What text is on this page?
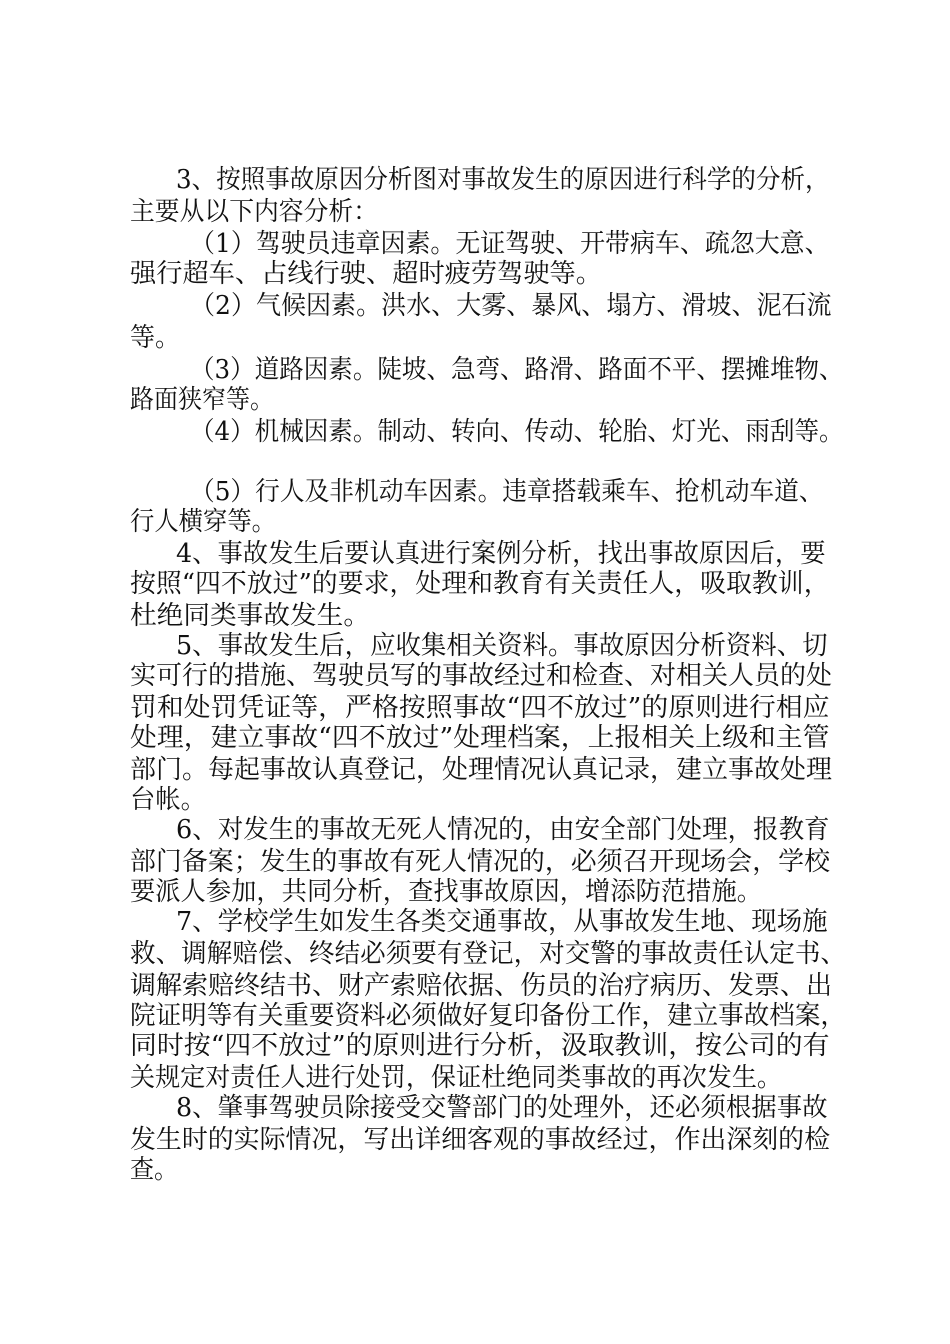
3、按照事故原因分析图对事故发生的原因进行科学的分析，
主要从以下内容分析：
（1）驾驶员违章因素。无证驾驶、开带病车、疏忽大意、
强行超车、占线行驶、超时疲劳驾驶等。
（2）气候因素。洪水、大雾、暴风、塌方、滑坡、泥石流
等。
（3）道路因素。陡坡、急弯、路滑、路面不平、摆摊堆物、
路面狭窄等。
（4）机械因素。制动、转向、传动、轮胎、灯光、雨刮等。
（5）行人及非机动车因素。违章搭载乘车、抢机动车道、
行人横穿等。
4、事故发生后要认真进行案例分析，找出事故原因后，要
按照“四不放过”的要求，处理和教育有关责任人，吸取教训，
杜绝同类事故发生。
5、事故发生后，应收集相关资料。事故原因分析资料、切
实可行的措施、驾驶员写的事故经过和检查、对相关人员的处
罚和处罚凭证等，严格按照事故“四不放过”的原则进行相应
处理，建立事故“四不放过”处理档案，上报相关上级和主管
部门。每起事故认真登记，处理情况认真记录，建立事故处理
台帐。
6、对发生的事故无死人情况的，由安全部门处理，报教育
部门备案；发生的事故有死人情况的，必须召开现场会，学校
要派人参加，共同分析，查找事故原因，增添防范措施。
7、学校学生如发生各类交通事故，从事故发生地、现场施
救、调解赔偿、终结必须要有登记，对交警的事故责任认定书、
调解索赔终结书、财产索赔依据、伤员的治疗病历、发票、出
院证明等有关重要资料必须做好复印备份工作，建立事故档案，
同时按“四不放过”的原则进行分析，汲取教训，按公司的有
关规定对责任人进行处罚，保证杜绝同类事故的再次发生。
8、肇事驾驶员除接受交警部门的处理外，还必须根据事故
发生时的实际情况，写出详细客观的事故经过，作出深刻的检
查。
